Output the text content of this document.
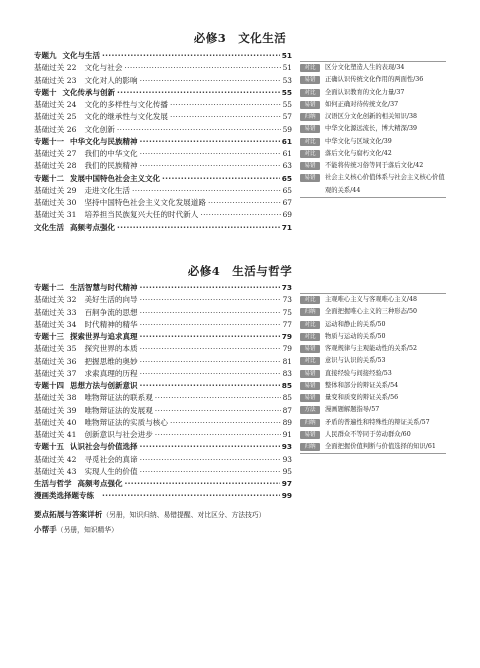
必修3　文化生活
专题九 文化与生活 ·····	51
基础过关 22 文化与社会 ·····	51
基础过关 23 文化对人的影响 ·····	53
专题十 文化传承与创新 ·····	55
基础过关 24 文化的多样性与文化传播 ·····	55
基础过关 25 文化的继承性与文化发展 ·····	57
基础过关 26 文化创新 ·····	59
专题十一 中华文化与民族精神 ·····	61
基础过关 27 我们的中华文化 ·····	61
基础过关 28 我们的民族精神 ·····	63
专题十二 发展中国特色社会主义文化 ·····	65
基础过关 29 走进文化生活 ·····	65
基础过关 30 坚持中国特色社会主义文化发展道路 ·····	67
基础过关 31 培养担当民族复兴大任的时代新人 ·····	69
文化生活 高频考点强化 ·····	71
对比	区分文化塑造人生的表现/34
易错	正确认识传统文化作用的两面性/36
对比	全面认识教育的文化力量/37
易错	如何正确对待传统文化/37
归纳	汉语区分文化创新的相关知识/38
易错	中华文化源远流长，博大精深/39
对比	中华文化与区域文化/39
对比	落后文化与腐朽文化/42
易错	不能将传统习俗等同于落后文化/42
易错	社会主义核心价值体系与社会主义核心价值观的关系/44
必修4　生活与哲学
专题十二 生活智慧与时代精神 ·····	73
基础过关 32 美好生活的向导 ·····	73
基础过关 33 百舸争流的思想 ·····	75
基础过关 34 时代精神的精华 ·····	77
专题十三 探索世界与追求真理 ·····	79
基础过关 35 探究世界的本质 ·····	79
基础过关 36 把握思维的奥妙 ·····	81
基础过关 37 求索真理的历程 ·····	83
专题十四 思想方法与创新意识 ·····	85
基础过关 38 唯物辩证法的联系观 ·····	85
基础过关 39 唯物辩证法的发展观 ·····	87
基础过关 40 唯物辩证法的实质与核心 ·····	89
基础过关 41 创新意识与社会进步 ·····	91
专题十五 认识社会与价值选择 ·····	93
基础过关 42 寻觅社会的真谛 ·····	93
基础过关 43 实现人生的价值 ·····	95
生活与哲学 高频考点强化 ·····	97
漫画类选择题专练 ·····	99
对比	主观唯心主义与客观唯心主义/48
归纳	全面把握唯心主义的三种形态/50
对比	运动和静止的关系/50
对比	物质与运动的关系/50
易错	客观规律与主观能动性的关系/52
对比	意识与认识的关系/53
易错	直接经验与间接经验/53
易错	整体和部分的辩证关系/54
易错	量变和质变的辩证关系/56
方法	漫画题解题指导/57
归纳	矛盾的普遍性和特殊性的辩证关系/57
易错	人民群众不等同于劳动群众/60
归纳	全面把握价值判断与价值选择的知识/61
要点拓展与答案详析（另册，知识归纳、易错提醒、对比区分、方法技巧）
小帮手（另册，知识精华）
